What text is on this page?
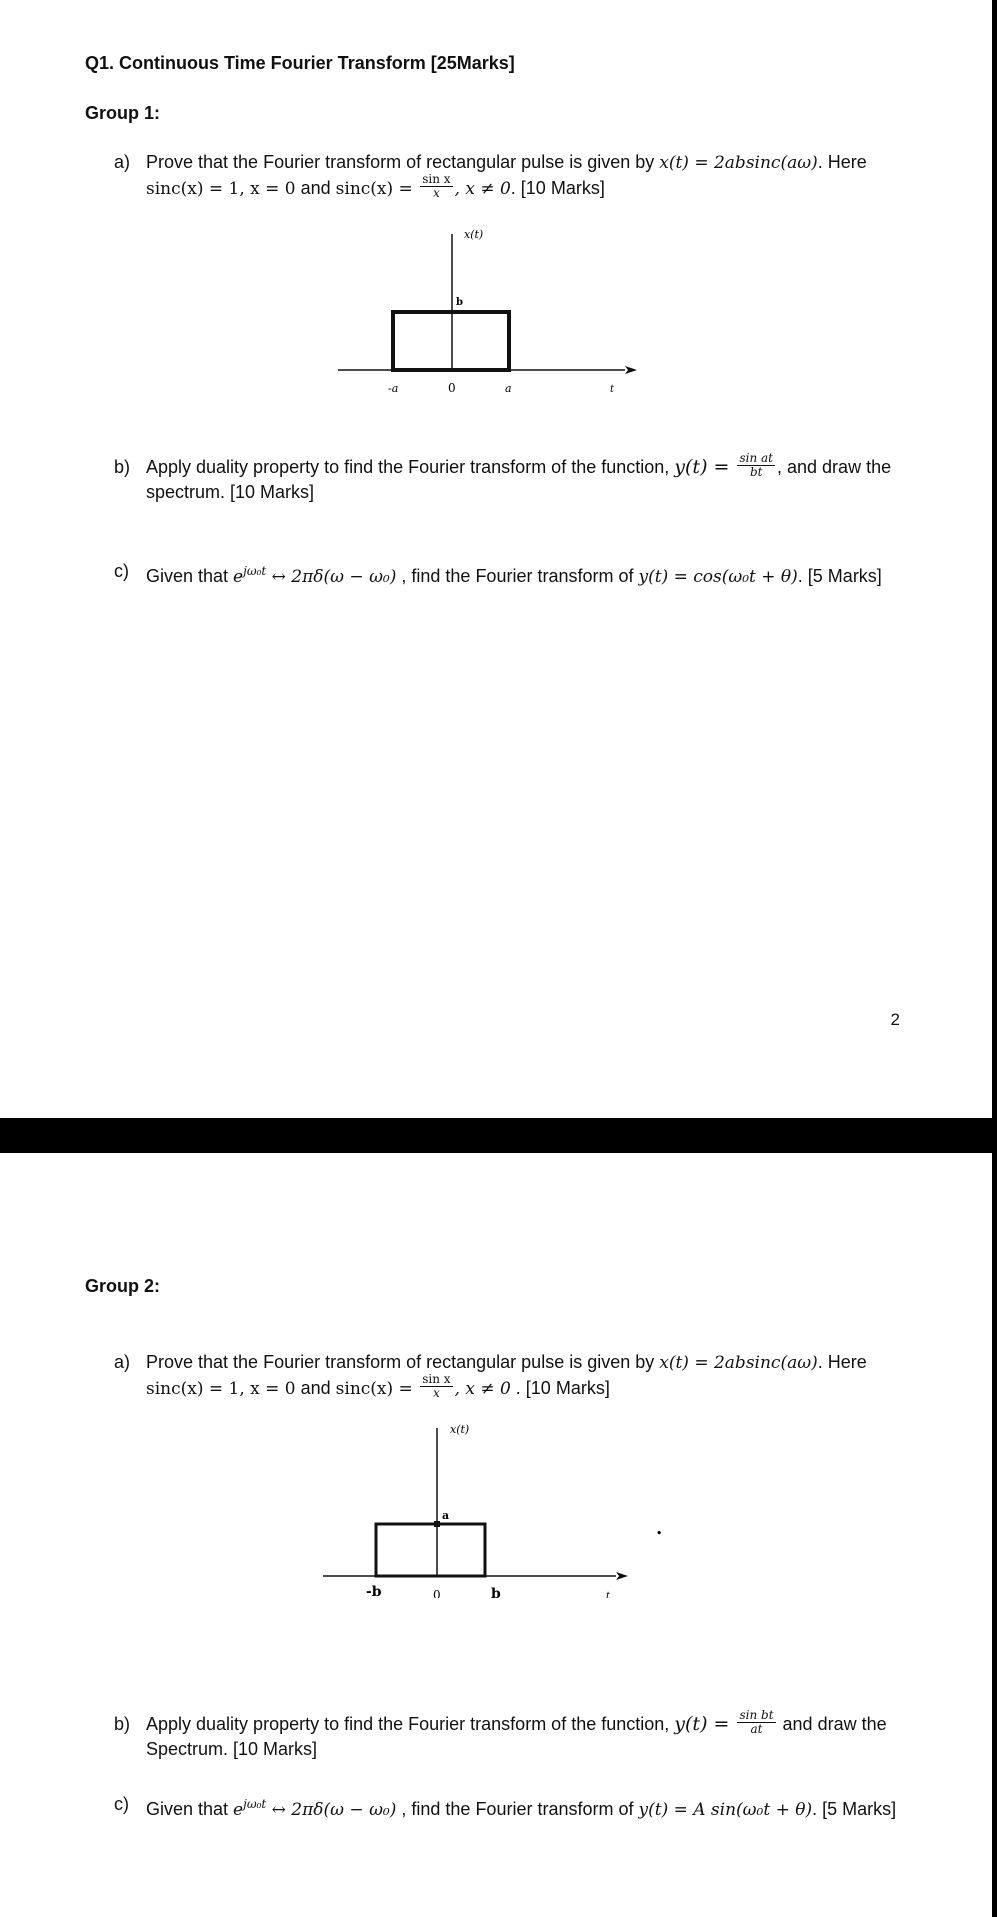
Q1. Continuous Time Fourier Transform [25Marks]
Group 1:
a) Prove that the Fourier transform of rectangular pulse is given by x(t) = 2absinc(aω). Here
sinc(x) = 1, x = 0 and $\sin c(x) = \frac{\text{sin x}}{x}$ , x ≠ 0. [10 Marks]
x(t)
b
-a	0	a	t
b) Apply duality property to find the Fourier transform of the function, $y(t) = \frac{\text{sin at}}{bt}$ , and draw the spectrum. [10 Marks]
c) Given that $e^{j\omega_0t}$ ↔ 2πδ(ω − ω₀) , find the Fourier transform of y(t) = cos(ω₀t + θ). [5 Marks]
2
Group 2:
a) Prove that the Fourier transform of rectangular pulse is given by x(t) = 2absinc(aω). Here
sinc(x) = 1, x = 0 and $\sin c(x) = \frac{\text{sin x}}{x}$ , x ≠ 0 . [10 Marks]
x(t)
a
-b	0	b	t
.
b) Apply duality property to find the Fourier transform of the function, $y(t) = \frac{\text{sin bt}}{at}$ and draw the Spectrum. [10 Marks]
c) Given that $e^{j\omega_0t}$ ↔ 2πδ(ω − ω₀) , find the Fourier transform of y(t) = A sin(ω₀t + θ). [5 Marks]
